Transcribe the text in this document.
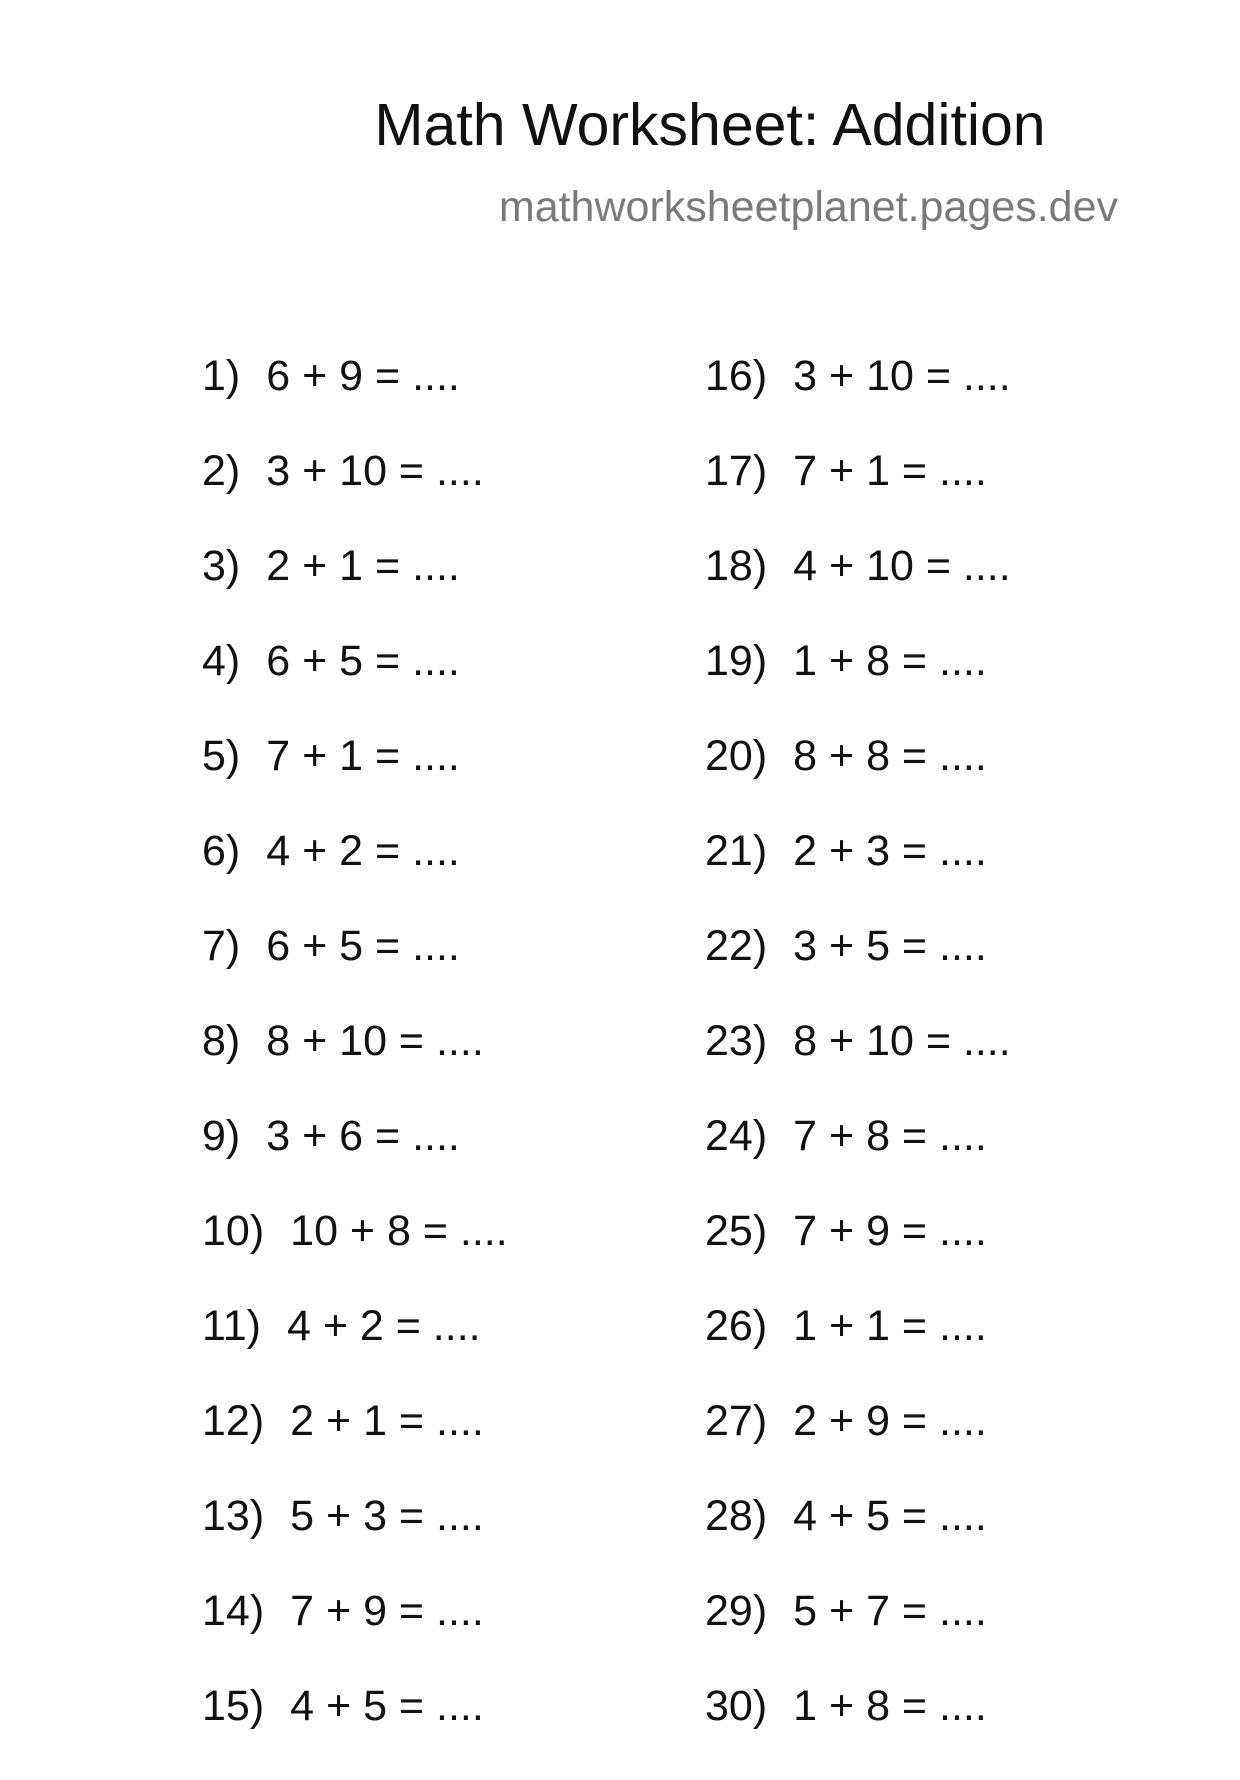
Math Worksheet: Addition
mathworksheetplanet.pages.dev
1) 6 + 9 = ....
2) 3 + 10 = ....
3) 2 + 1 = ....
4) 6 + 5 = ....
5) 7 + 1 = ....
6) 4 + 2 = ....
7) 6 + 5 = ....
8) 8 + 10 = ....
9) 3 + 6 = ....
10) 10 + 8 = ....
11) 4 + 2 = ....
12) 2 + 1 = ....
13) 5 + 3 = ....
14) 7 + 9 = ....
15) 4 + 5 = ....
16) 3 + 10 = ....
17) 7 + 1 = ....
18) 4 + 10 = ....
19) 1 + 8 = ....
20) 8 + 8 = ....
21) 2 + 3 = ....
22) 3 + 5 = ....
23) 8 + 10 = ....
24) 7 + 8 = ....
25) 7 + 9 = ....
26) 1 + 1 = ....
27) 2 + 9 = ....
28) 4 + 5 = ....
29) 5 + 7 = ....
30) 1 + 8 = ....
